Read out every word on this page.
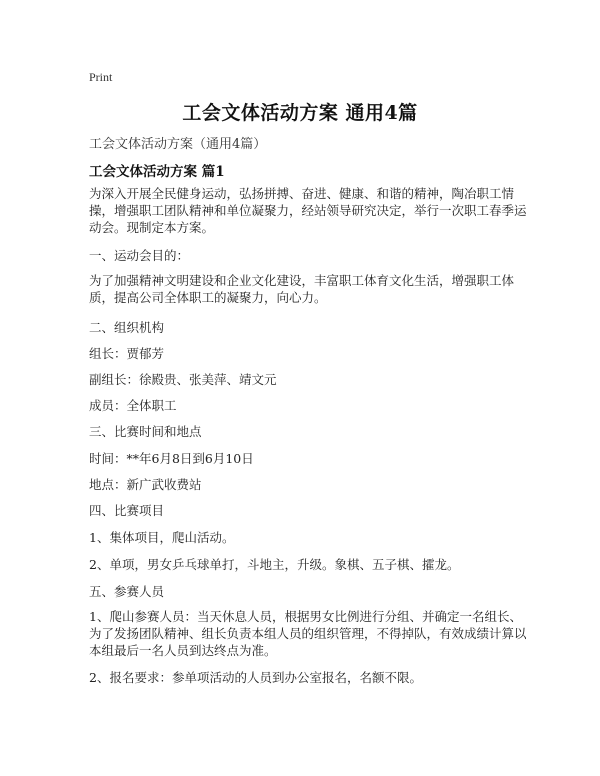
Print
工会文体活动方案 通用4篇
工会文体活动方案（通用4篇）
工会文体活动方案 篇1
为深入开展全民健身运动，弘扬拼搏、奋进、健康、和谐的精神，陶冶职工情操，增强职工团队精神和单位凝聚力，经站领导研究决定，举行一次职工春季运动会。现制定本方案。
一、运动会目的：
为了加强精神文明建设和企业文化建设，丰富职工体育文化生活，增强职工体质，提高公司全体职工的凝聚力，向心力。
二、组织机构
组长：贾郁芳
副组长：徐殿贵、张美萍、靖文元
成员：全体职工
三、比赛时间和地点
时间：**年6月8日到6月10日
地点：新广武收费站
四、比赛项目
1、集体项目，爬山活动。
2、单项，男女乒乓球单打，斗地主，升级。象棋、五子棋、攉龙。
五、参赛人员
1、爬山参赛人员：当天休息人员，根据男女比例进行分组、并确定一名组长、为了发扬团队精神、组长负责本组人员的组织管理，不得掉队，有效成绩计算以本组最后一名人员到达终点为准。
2、报名要求：参单项活动的人员到办公室报名，名额不限。
